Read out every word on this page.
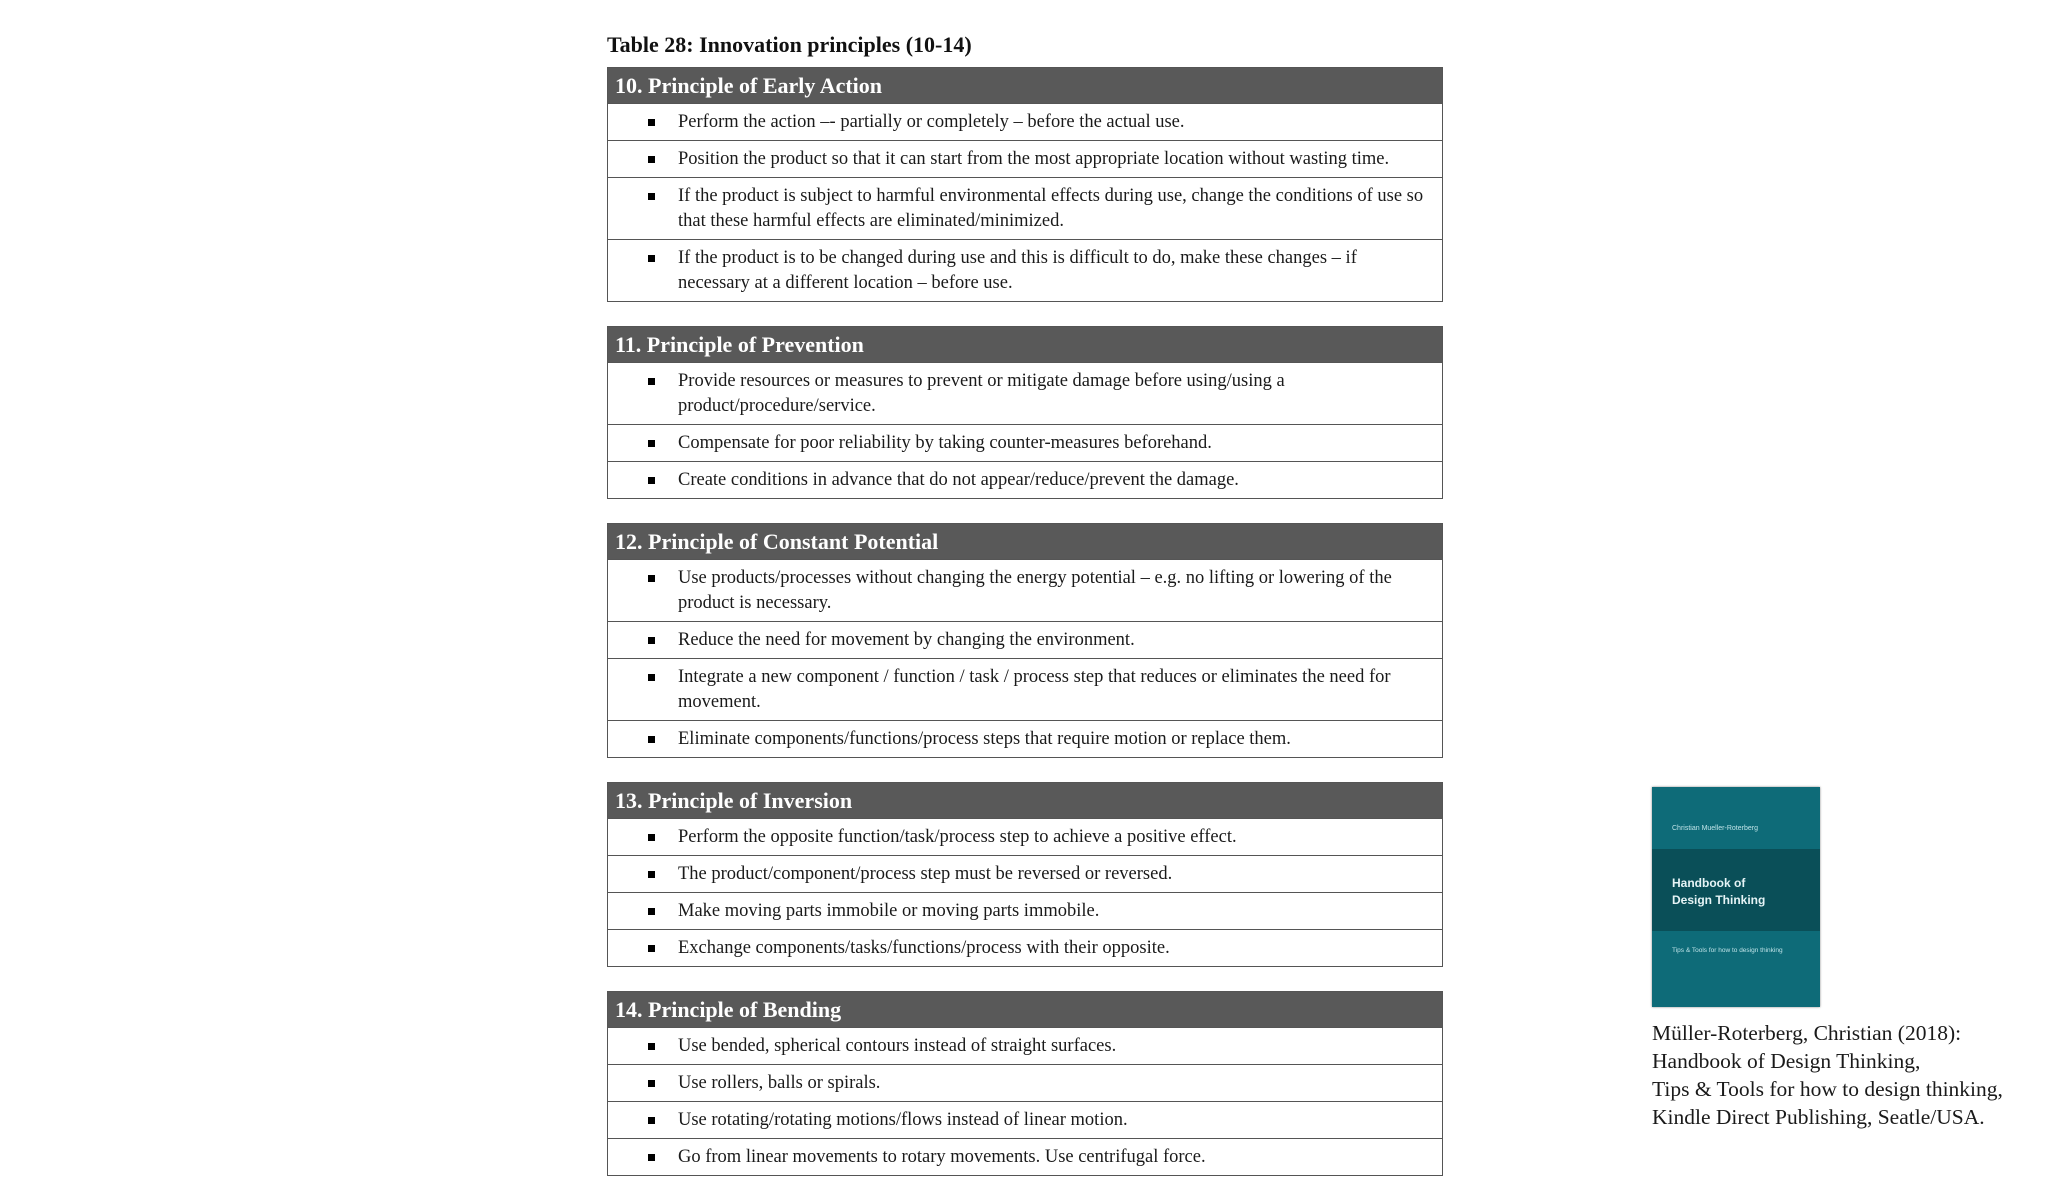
Table 28: Innovation principles (10-14)
10. Principle of Early Action
Perform the action –- partially or completely – before the actual use.
Position the product so that it can start from the most appropriate location without wasting time.
If the product is subject to harmful environmental effects during use, change the conditions of use so that these harmful effects are eliminated/minimized.
If the product is to be changed during use and this is difficult to do, make these changes – if necessary at a different location – before use.
11. Principle of Prevention
Provide resources or measures to prevent or mitigate damage before using/using a product/procedure/service.
Compensate for poor reliability by taking counter-measures beforehand.
Create conditions in advance that do not appear/reduce/prevent the damage.
12. Principle of Constant Potential
Use products/processes without changing the energy potential – e.g. no lifting or lowering of the product is necessary.
Reduce the need for movement by changing the environment.
Integrate a new component / function / task / process step that reduces or eliminates the need for movement.
Eliminate components/functions/process steps that require motion or replace them.
13. Principle of Inversion
Perform the opposite function/task/process step to achieve a positive effect.
The product/component/process step must be reversed or reversed.
Make moving parts immobile or moving parts immobile.
Exchange components/tasks/functions/process with their opposite.
14. Principle of Bending
Use bended, spherical contours instead of straight surfaces.
Use rollers, balls or spirals.
Use rotating/rotating motions/flows instead of linear motion.
Go from linear movements to rotary movements. Use centrifugal force.
Christian Mueller-Roterberg
Handbook of
Design Thinking
Tips & Tools for how to design thinking
Müller-Roterberg, Christian (2018):
Handbook of Design Thinking,
Tips & Tools for how to design thinking,
Kindle Direct Publishing, Seatle/USA.
